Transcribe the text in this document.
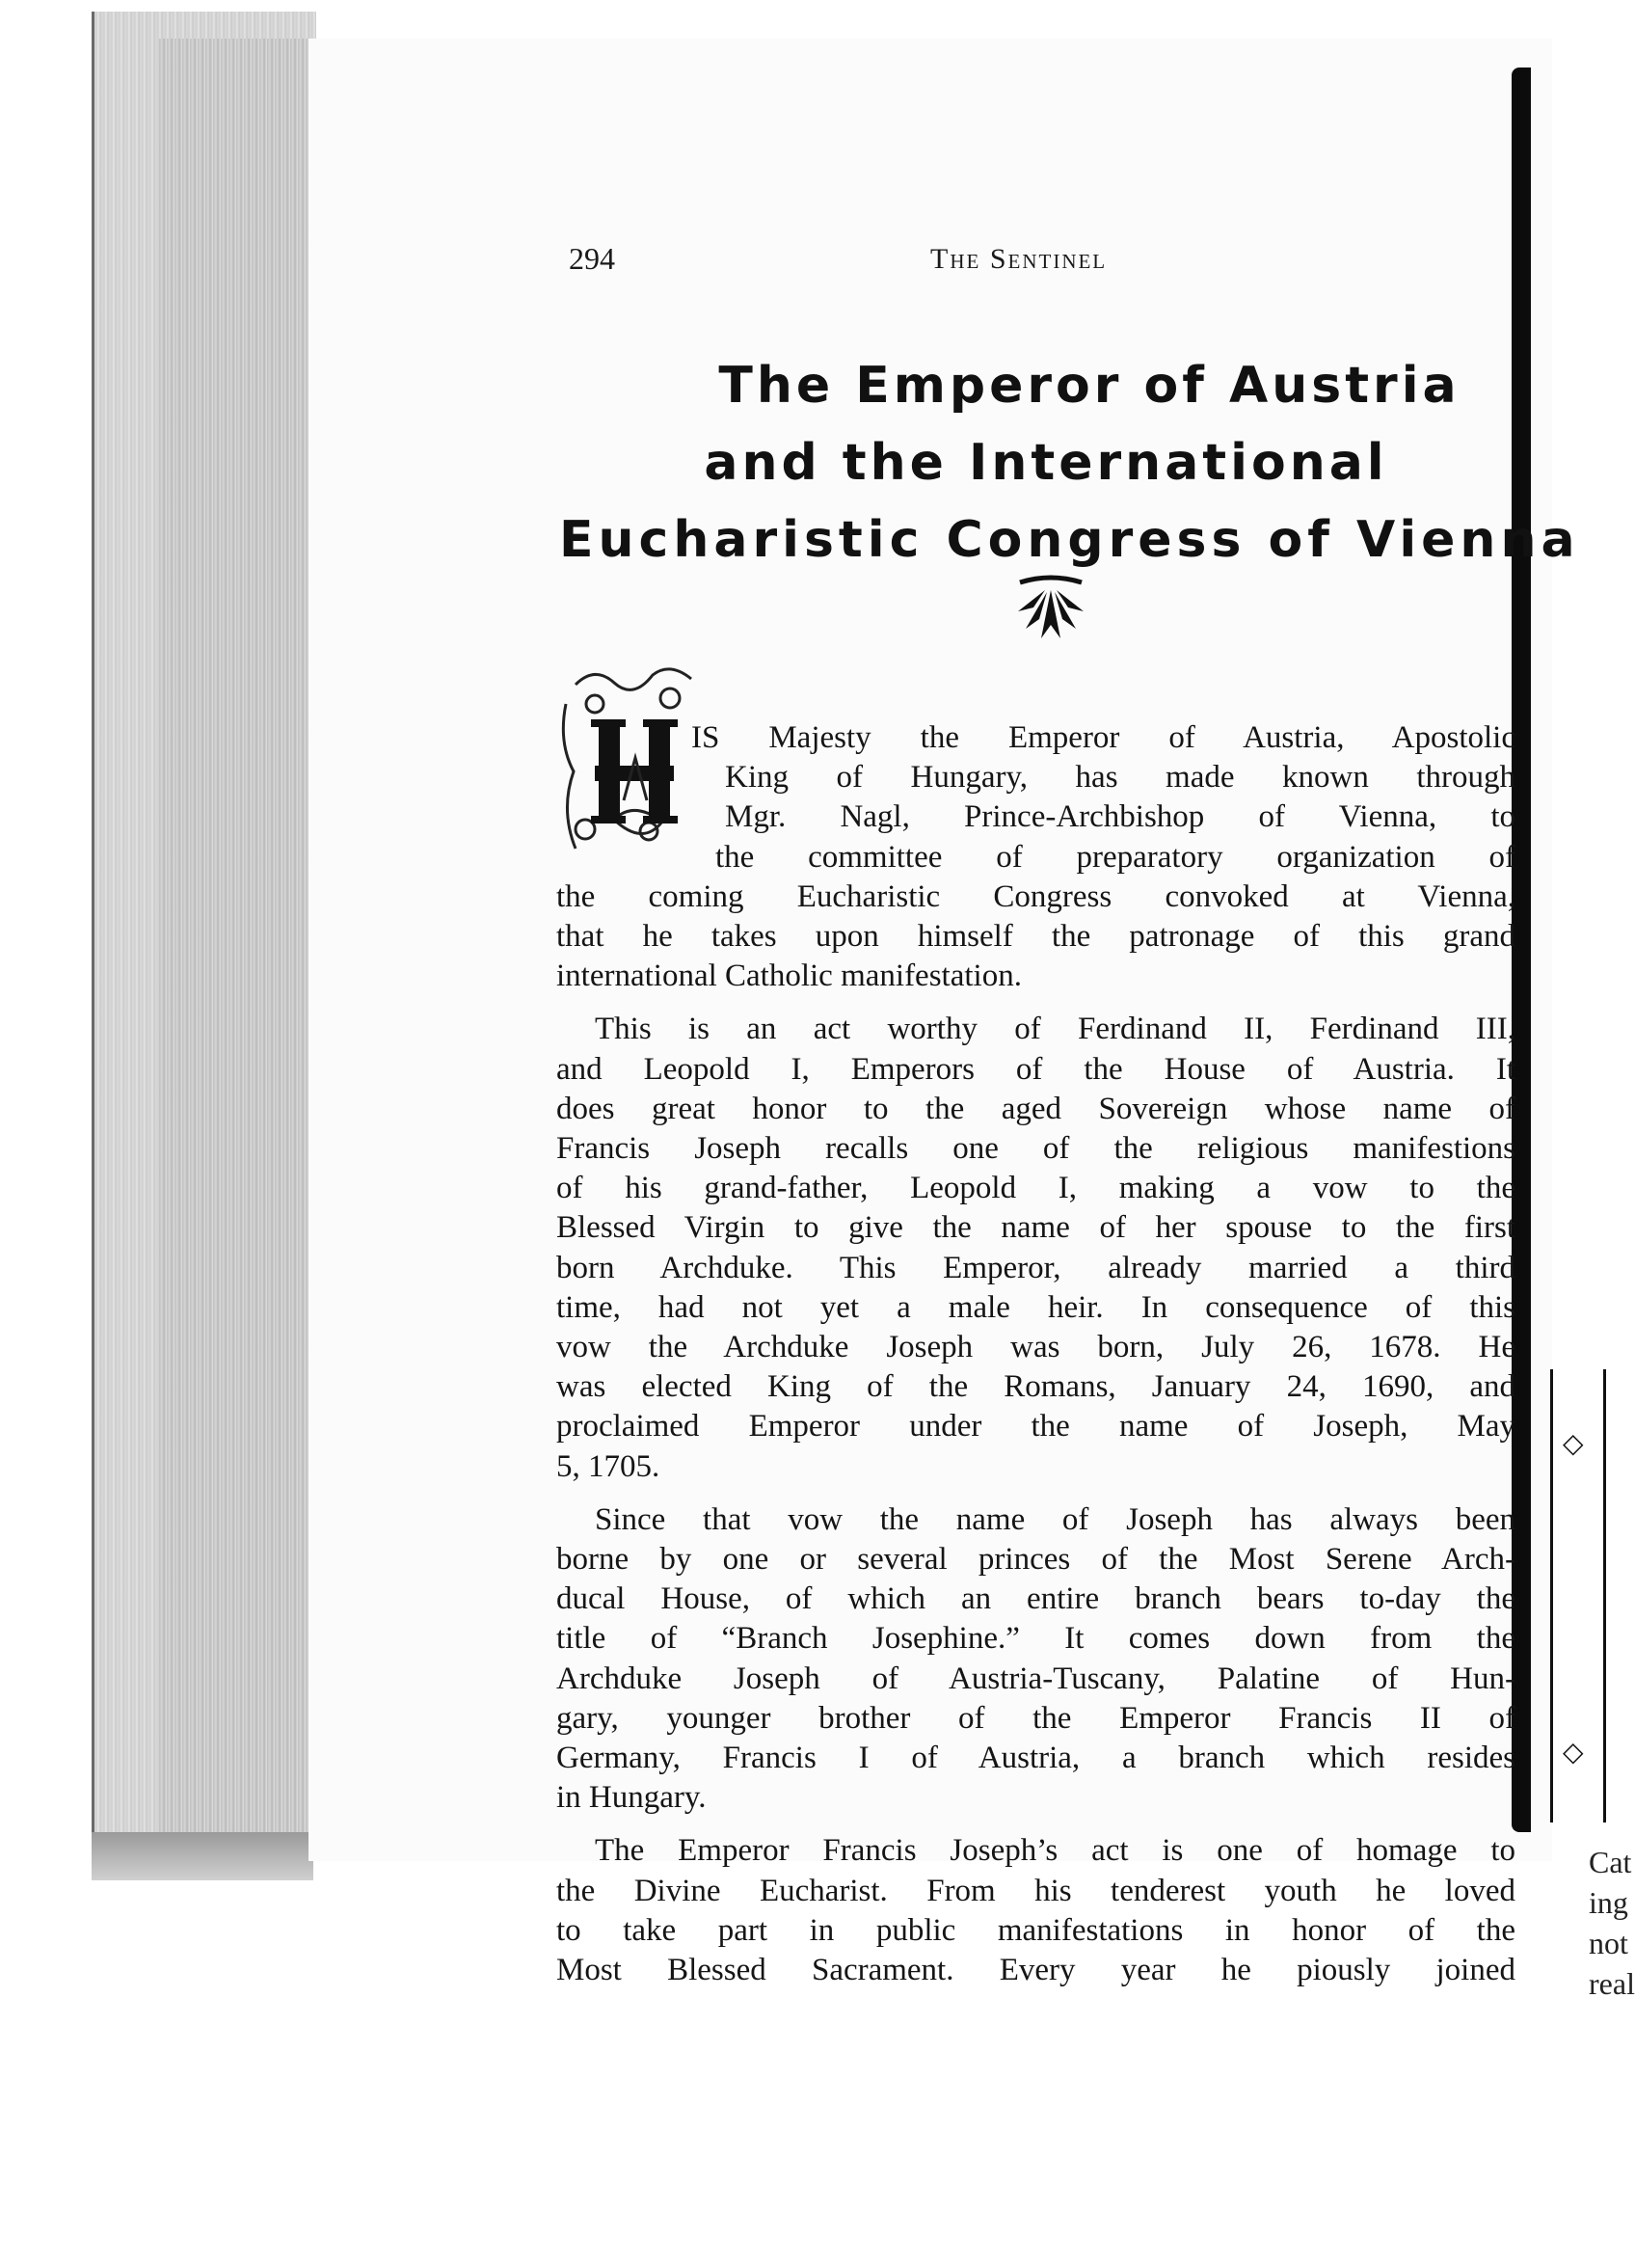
◇
◇
Cat
ing
not
real
294	The Sentinel
The Emperor of Austria
and the International
Eucharistic Congress of Vienna
H
IS Majesty the Emperor of Austria, Apostolic
King of Hungary, has made known through
Mgr. Nagl, Prince-Archbishop of Vienna, to
the committee of preparatory organization of
the coming Eucharistic Congress convoked at Vienna,
that he takes upon himself the patronage of this grand
international Catholic manifestation.
This is an act worthy of Ferdinand II, Ferdinand III,
and Leopold I, Emperors of the House of Austria. It
does great honor to the aged Sovereign whose name of
Francis Joseph recalls one of the religious manifestions
of his grand-father, Leopold I, making a vow to the
Blessed Virgin to give the name of her spouse to the first
born Archduke. This Emperor, already married a third
time, had not yet a male heir. In consequence of this
vow the Archduke Joseph was born, July 26, 1678. He
was elected King of the Romans, January 24, 1690, and
proclaimed Emperor under the name of Joseph, May
5, 1705.
Since that vow the name of Joseph has always been
borne by one or several princes of the Most Serene Arch-
ducal House, of which an entire branch bears to-day the
title of “Branch Josephine.” It comes down from the
Archduke Joseph of Austria-Tuscany, Palatine of Hun-
gary, younger brother of the Emperor Francis II of
Germany, Francis I of Austria, a branch which resides
in Hungary.
The Emperor Francis Joseph’s act is one of homage to
the Divine Eucharist. From his tenderest youth he loved
to take part in public manifestations in honor of the
Most Blessed Sacrament. Every year he piously joined
